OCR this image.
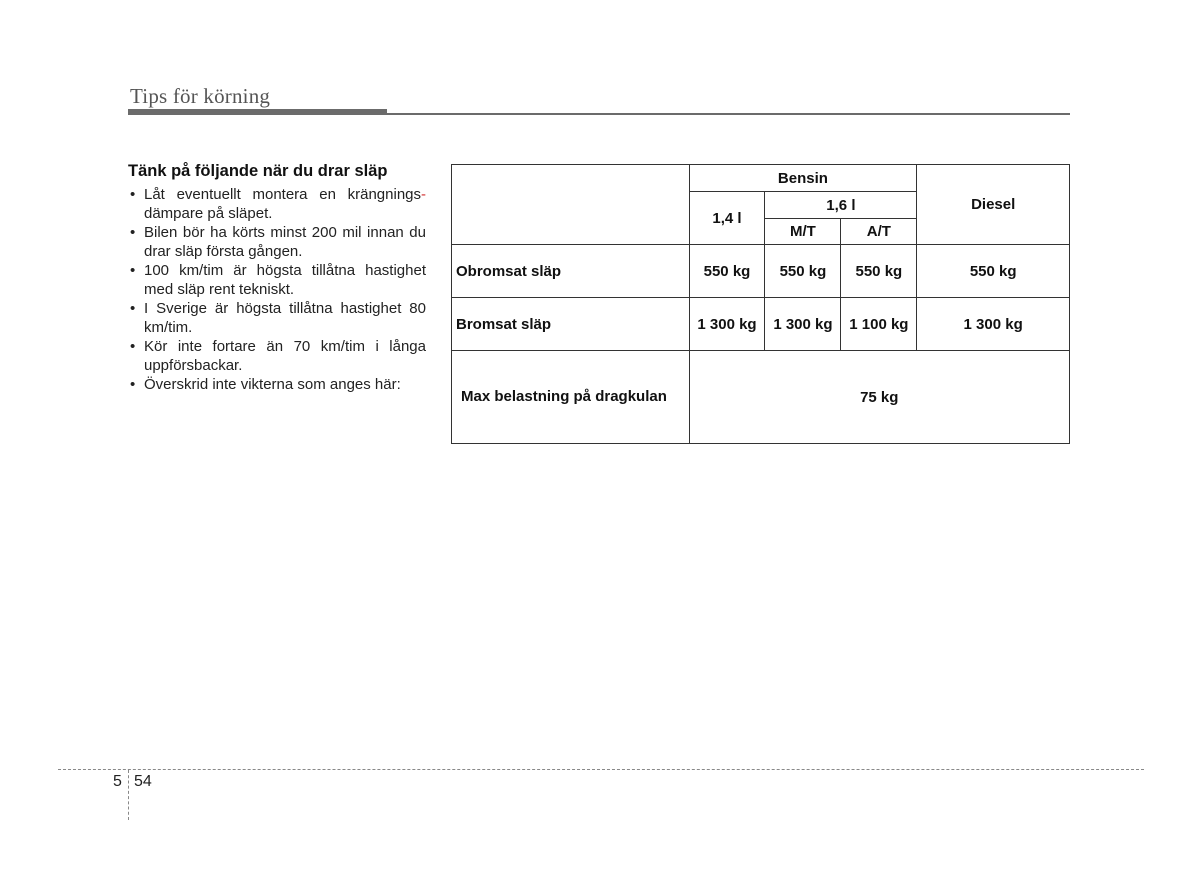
Tips för körning
Tänk på följande när du drar släp
• Låt eventuellt montera en krängnings- dämpare på släpet.
• Bilen bör ha körts minst 200 mil innan du drar släp första gången.
• 100 km/tim är högsta tillåtna hastighet med släp rent tekniskt.
• I Sverige är högsta tillåtna hastighet 80 km/tim.
• Kör inte fortare än 70 km/tim i långa uppförsbackar.
• Överskrid inte vikterna som anges här:
	Bensin			Diesel
	1,4 l	1,6 l		
		M/T	A/T	
Obromsat släp	550 kg	550 kg	550 kg	550 kg
Bromsat släp	1 300 kg	1 300 kg	1 100 kg	1 300 kg
Max belastning på dragkulan	75 kg			
5 54
